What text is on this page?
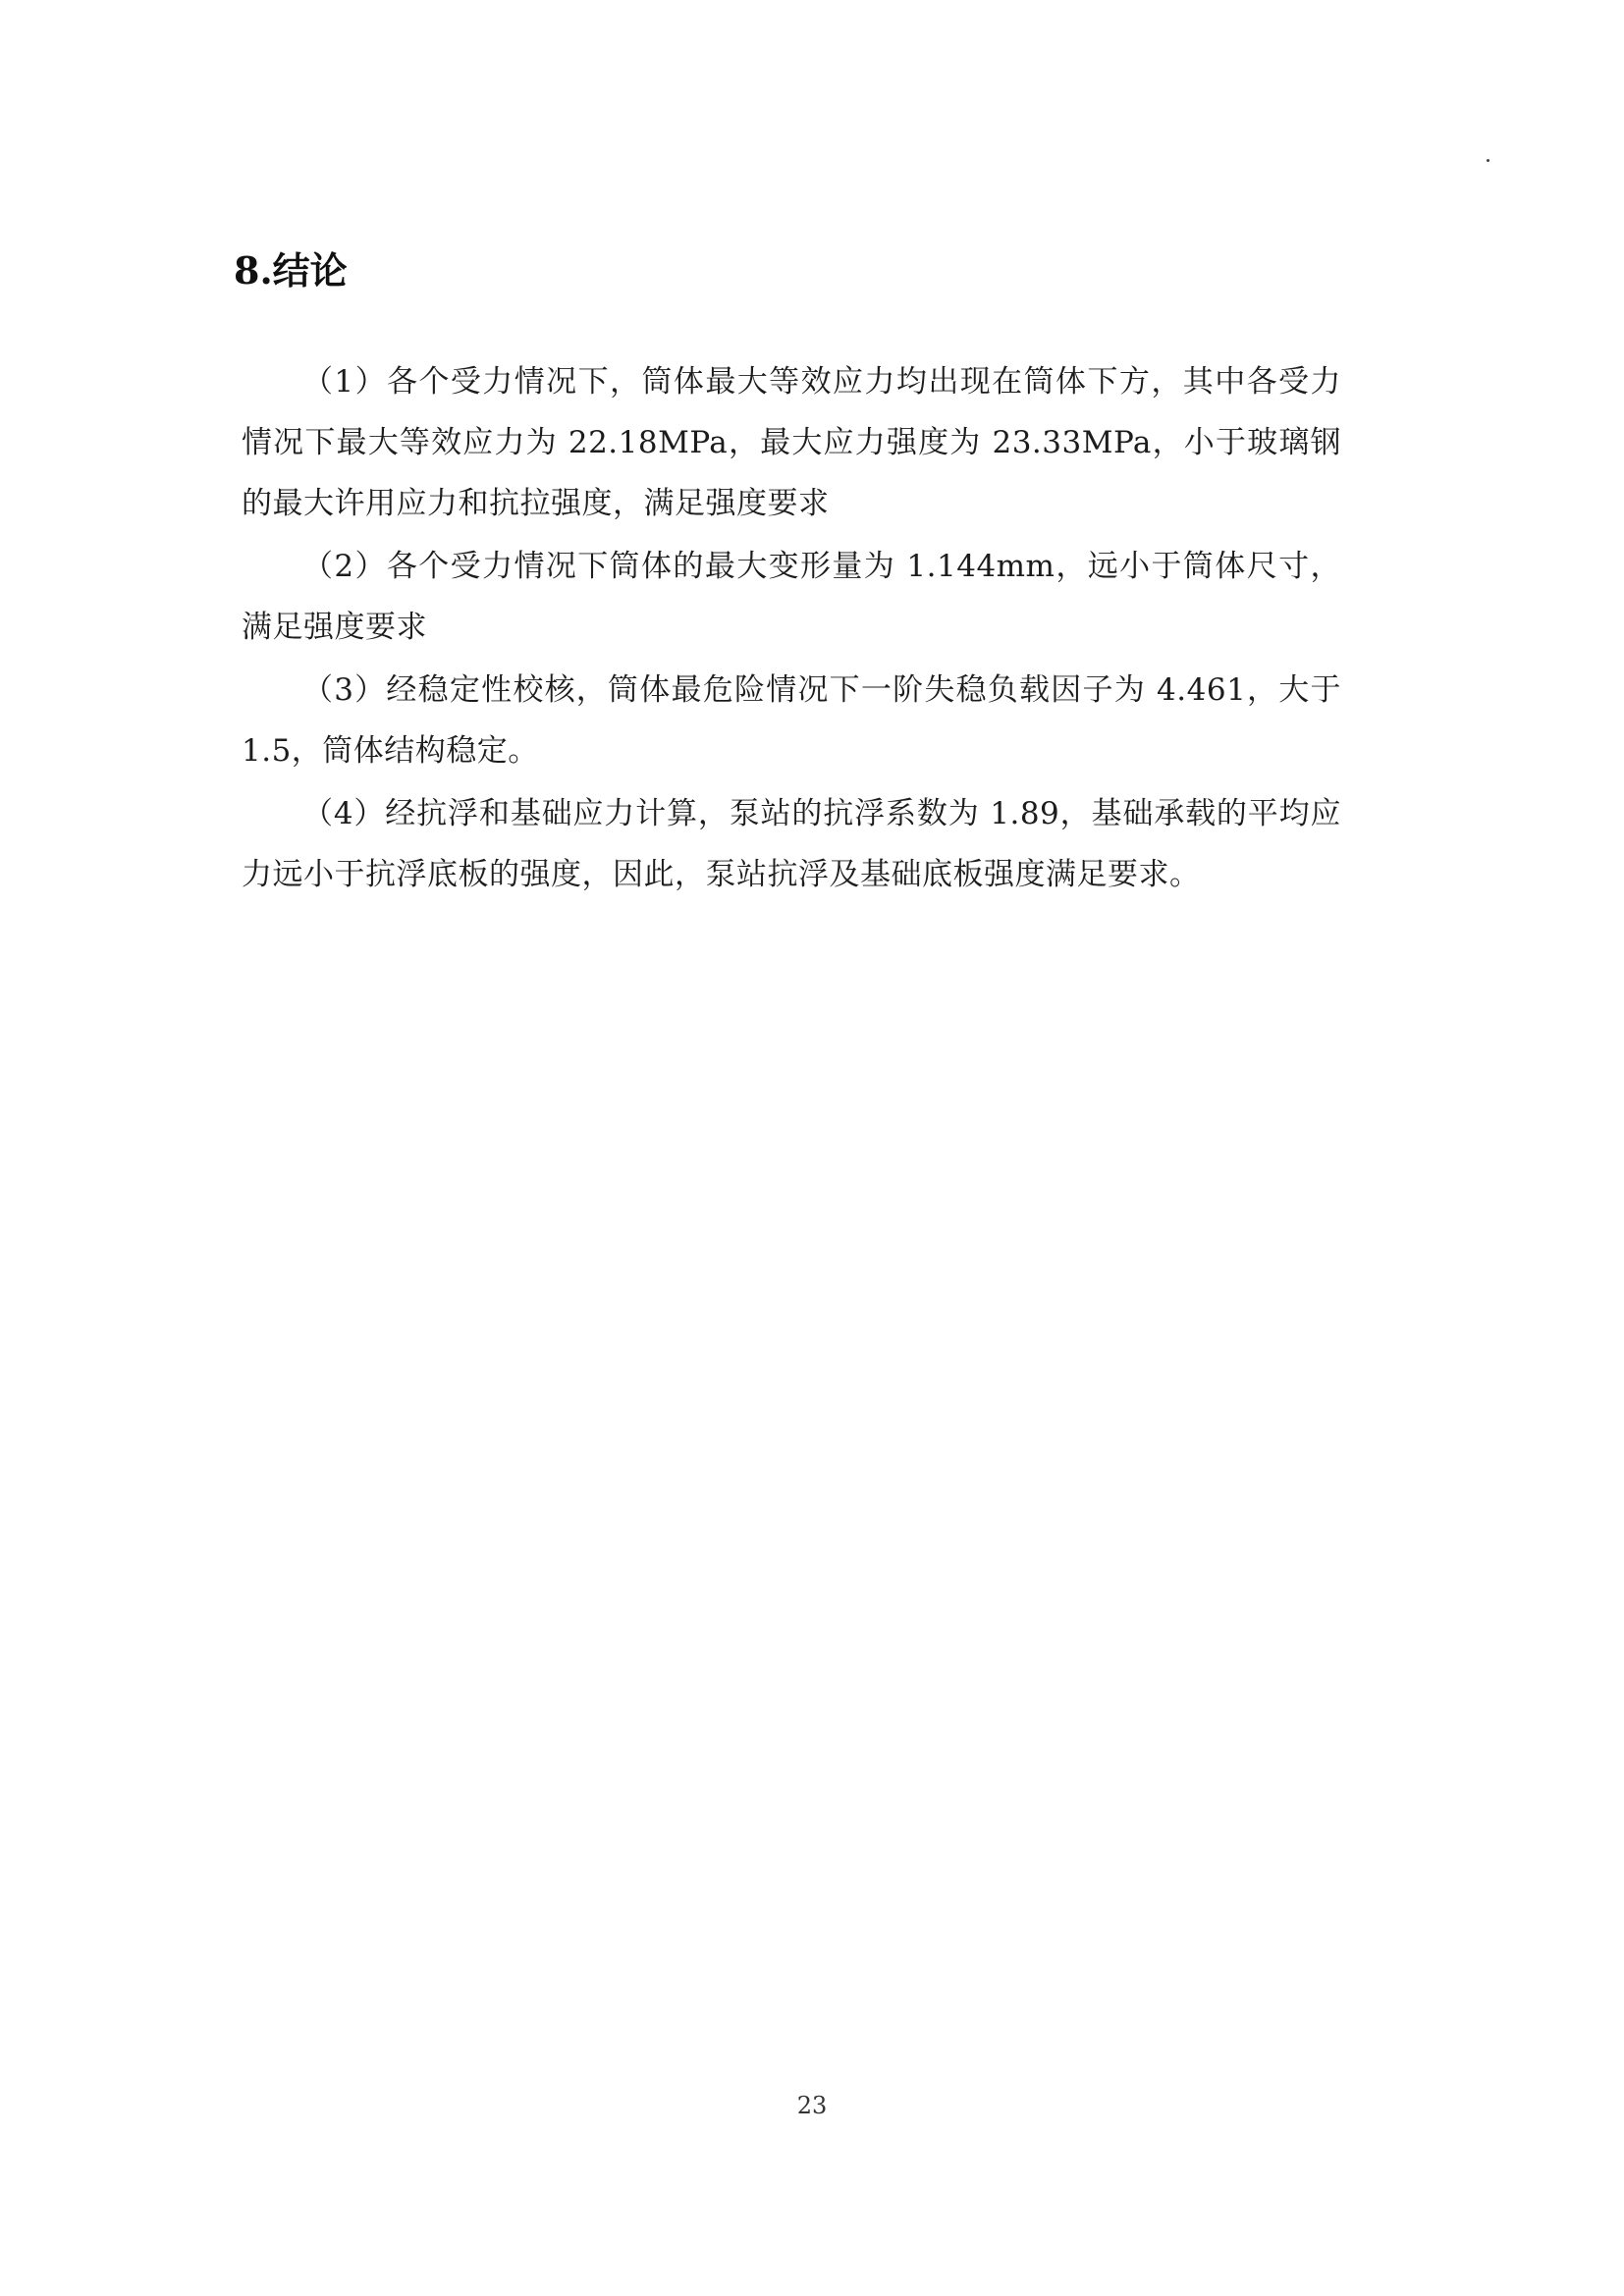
8.结论

（1）各个受力情况下，筒体最大等效应力均出现在筒体下方，其中各受力情况下最大等效应力为 22.18MPa，最大应力强度为 23.33MPa，小于玻璃钢的最大许用应力和抗拉强度，满足强度要求

（2）各个受力情况下筒体的最大变形量为 1.144mm，远小于筒体尺寸，满足强度要求

（3）经稳定性校核，筒体最危险情况下一阶失稳负载因子为 4.461，大于1.5，筒体结构稳定。

（4）经抗浮和基础应力计算，泵站的抗浮系数为 1.89，基础承载的平均应力远小于抗浮底板的强度，因此，泵站抗浮及基础底板强度满足要求。

23
